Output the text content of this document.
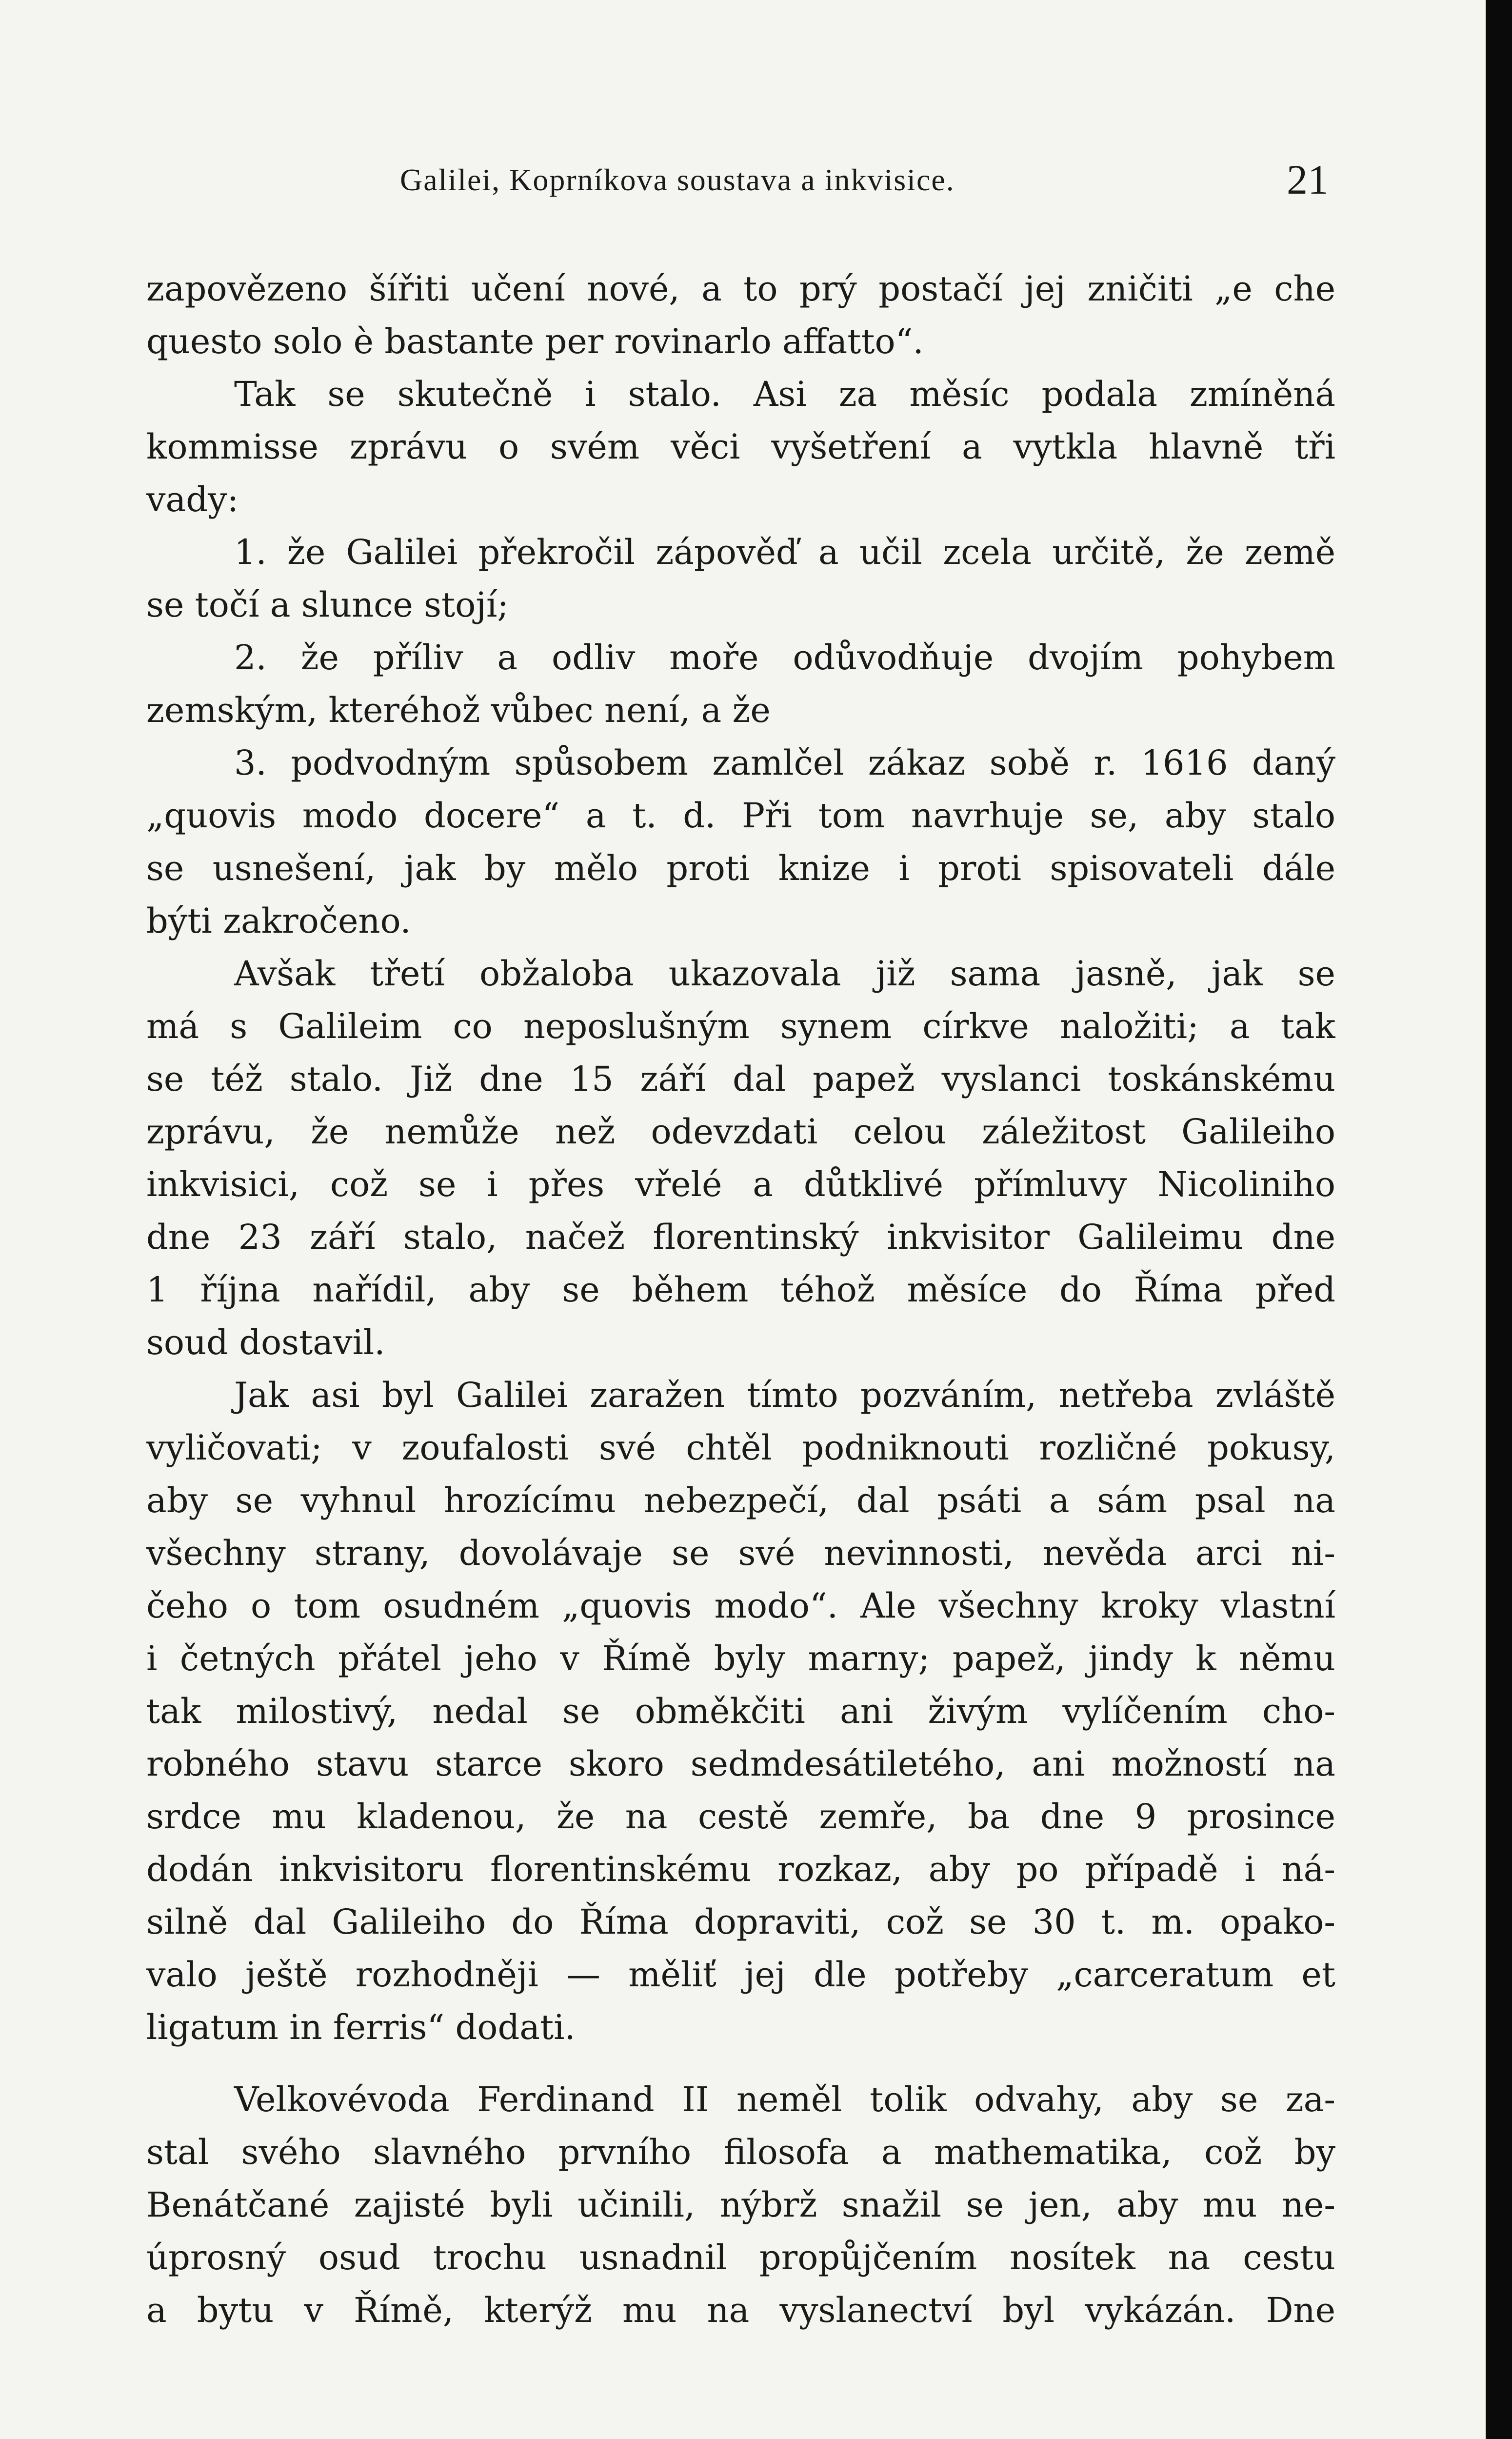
Galilei, Koprníkova soustava a inkvisice.	21
zapovězeno šířiti učení nové, a to prý postačí jej zničiti „e che
questo solo è bastante per rovinarlo affatto“.
Tak se skutečně i stalo. Asi za měsíc podala zmíněná
kommisse zprávu o svém věci vyšetření a vytkla hlavně tři
vady:
1. že Galilei překročil zápověď a učil zcela určitě, že země
se točí a slunce stojí;
2. že příliv a odliv moře odůvodňuje dvojím pohybem
zemským, kteréhož vůbec není, a že
3. podvodným spůsobem zamlčel zákaz sobě r. 1616 daný
„quovis modo docere“ a t. d. Při tom navrhuje se, aby stalo
se usnešení, jak by mělo proti knize i proti spisovateli dále
býti zakročeno.
Avšak třetí obžaloba ukazovala již sama jasně, jak se
má s Galileim co neposlušným synem církve naložiti; a tak
se též stalo. Již dne 15 září dal papež vyslanci toskánskému
zprávu, že nemůže než odevzdati celou záležitost Galileiho
inkvisici, což se i přes vřelé a důtklivé přímluvy Nicoliniho
dne 23 září stalo, načež florentinský inkvisitor Galileimu dne
1 října nařídil, aby se během téhož měsíce do Říma před
soud dostavil.
Jak asi byl Galilei zaražen tímto pozváním, netřeba zvláště
vyličovati; v zoufalosti své chtěl podniknouti rozličné pokusy,
aby se vyhnul hrozícímu nebezpečí, dal psáti a sám psal na
všechny strany, dovolávaje se své nevinnosti, nevěda arci ni-
čeho o tom osudném „quovis modo“. Ale všechny kroky vlastní
i četných přátel jeho v Římě byly marny; papež, jindy k němu
tak milostivý, nedal se obměkčiti ani živým vylíčením cho-
robného stavu starce skoro sedmdesátiletého, ani možností na
srdce mu kladenou, že na cestě zemře, ba dne 9 prosince
dodán inkvisitoru florentinskému rozkaz, aby po případě i ná-
silně dal Galileiho do Říma dopraviti, což se 30 t. m. opako-
valo ještě rozhodněji — měliť jej dle potřeby „carceratum et
ligatum in ferris“ dodati.
Velkovévoda Ferdinand II neměl tolik odvahy, aby se za-
stal svého slavného prvního filosofa a mathematika, což by
Benátčané zajisté byli učinili, nýbrž snažil se jen, aby mu ne-
úprosný osud trochu usnadnil propůjčením nosítek na cestu
a bytu v Římě, kterýž mu na vyslanectví byl vykázán. Dne
